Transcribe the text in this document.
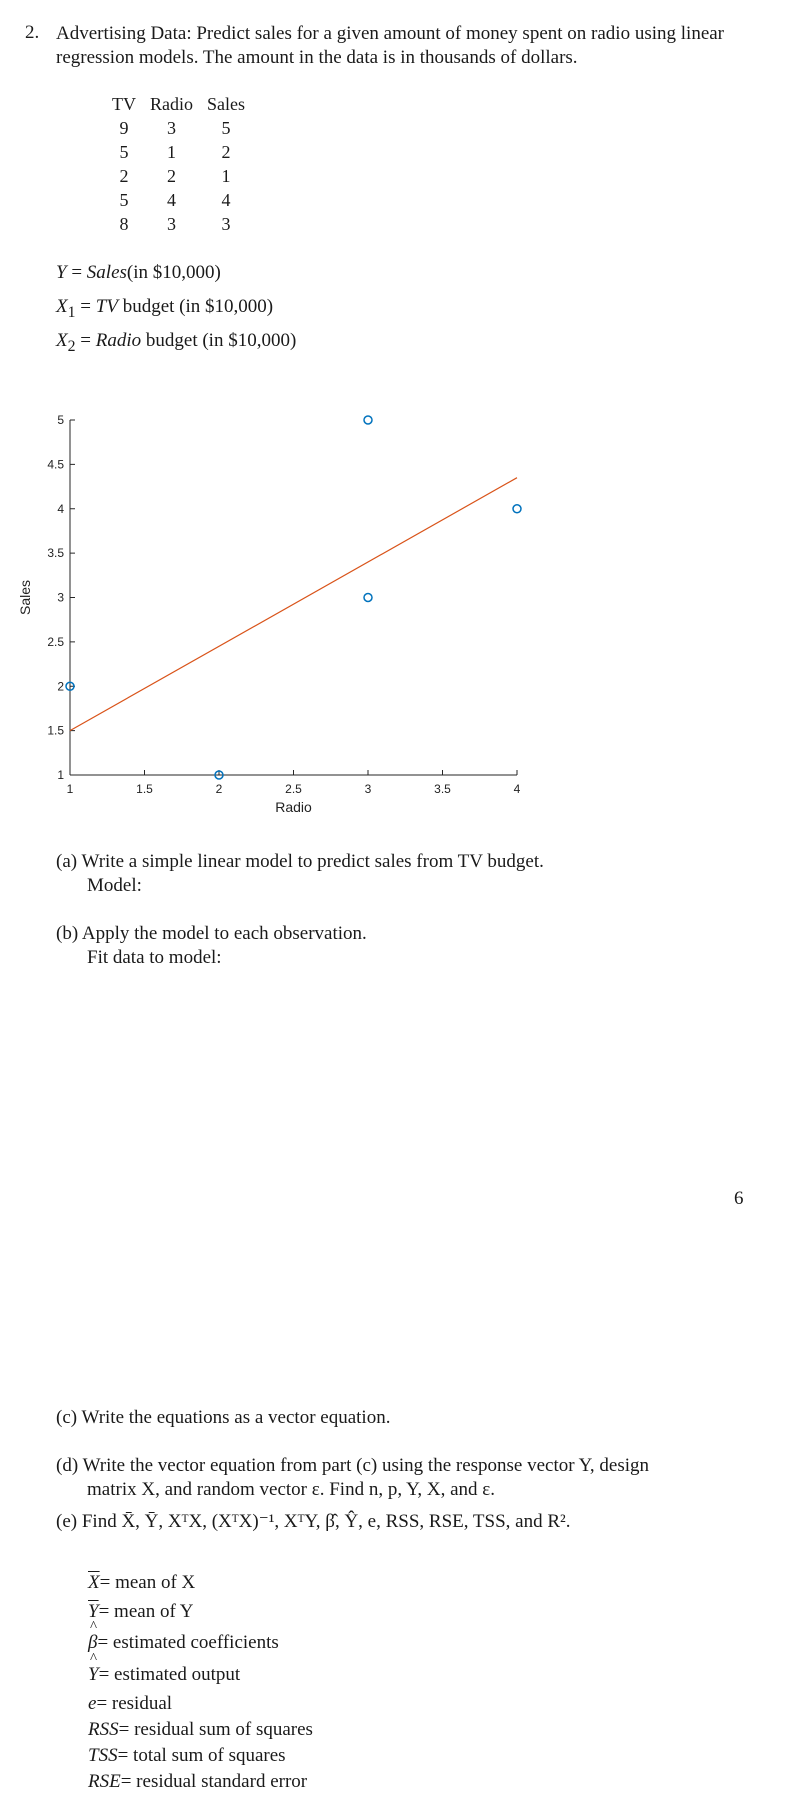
2. Advertising Data: Predict sales for a given amount of money spent on radio using linear regression models. The amount in the data is in thousands of dollars.
TV	Radio	Sales
9	3	5
5	1	2
2	2	1
5	4	4
8	3	3
Y = Sales(in $10,000)
$X_1$ = TV budget (in $10,000)
$X_2$ = Radio budget (in $10,000)
1	1.5	2	2.5	3	3.5	4
1
1.5
2
2.5
3
3.5
4
4.5
5
Radio
Sales
(a) Write a simple linear model to predict sales from TV budget.
Model:
(b) Apply the model to each observation.
Fit data to model:
6
(c) Write the equations as a vector equation.
(d) Write the vector equation from part (c) using the response vector Y, design
matrix X, and random vector ε. Find n, p, Y, X, and ε.
(e) Find X̄, Ȳ, XᵀX, (XᵀX)⁻¹, XᵀY, β̂, Ŷ, e, RSS, RSE, TSS, and R².
$\overline{X}=$ mean of X
$\overline{Y}=$ mean of Y
^ β= estimated coefficients
^ Y= estimated output
e= residual
RSS= residual sum of squares
TSS= total sum of squares
RSE= residual standard error
